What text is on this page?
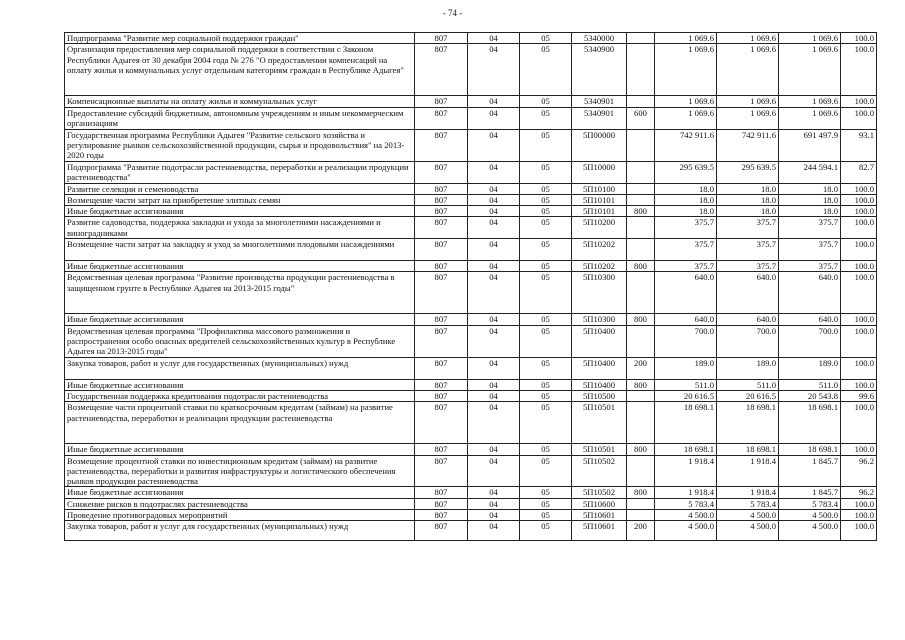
- 74 -
Подпрограмма "Развитие мер социальной поддержки граждан"	807	04	05	5340000		1 069.6	1 069.6	1 069.6	100.0
Организация предоставления мер социальной поддержки в соответствии с Законом Республики Адыгея от 30 декабря 2004 года № 276 "О предоставлении компенсаций на оплату жилья и коммунальных услуг отдельным категориям граждан в Республике Адыгея"	807	04	05	5340900		1 069.6	1 069.6	1 069.6	100.0
Компенсационные выплаты на оплату жилья и коммунальных услуг	807	04	05	5340901		1 069.6	1 069.6	1 069.6	100.0
Предоставление субсидий бюджетным, автономным учреждениям и иным некоммерческим организациям	807	04	05	5340901	600	1 069.6	1 069.6	1 069.6	100.0
Государственная программа Республики Адыгея "Развитие сельского хозяйства и регулирование рынков сельскохозяйственной продукции, сырья и продовольствия" на 2013-2020 годы	807	04	05	5П00000		742 911.6	742 911.6	691 497.9	93.1
Подпрограмма "Развитие подотрасли растениеводства, переработки и реализации продукции растениеводства"	807	04	05	5П10000		295 639.5	295 639.5	244 594.1	82.7
Развитие селекции и семеноводства	807	04	05	5П10100		18.0	18.0	18.0	100.0
Возмещение части затрат на приобретение элитных семян	807	04	05	5П10101		18.0	18.0	18.0	100.0
Иные бюджетные ассигнования	807	04	05	5П10101	800	18.0	18.0	18.0	100.0
Развитие садоводства, поддержка закладки и ухода за многолетними насаждениями и виноградниками	807	04	05	5П10200		375.7	375.7	375.7	100.0
Возмещение части затрат на закладку и уход за многолетними плодовыми насаждениями	807	04	05	5П10202		375.7	375.7	375.7	100.0
Иные бюджетные ассигнования	807	04	05	5П10202	800	375.7	375.7	375.7	100.0
Ведомственная целевая программа "Развитие производства продукции растениеводства в защищенном грунте в Республике Адыгея на 2013-2015 годы"	807	04	05	5П10300		640.0	640.0	640.0	100.0
Иные бюджетные ассигнования	807	04	05	5П10300	800	640.0	640.0	640.0	100.0
Ведомственная целевая программа "Профилактика массового размножения и распространения особо опасных вредителей сельскохозяйственных культур в Республике Адыгея на 2013-2015 годы"	807	04	05	5П10400		700.0	700.0	700.0	100.0
Закупка товаров, работ и услуг для государственных (муниципальных) нужд	807	04	05	5П10400	200	189.0	189.0	189.0	100.0
Иные бюджетные ассигнования	807	04	05	5П10400	800	511.0	511.0	511.0	100.0
Государственная поддержка кредитования подотрасли растениеводства	807	04	05	5П10500		20 616.5	20 616.5	20 543.8	99.6
Возмещение части процентной ставки по краткосрочным кредитам (займам) на развитие растениеводства, переработки и реализации продукции растениеводства	807	04	05	5П10501		18 698.1	18 698.1	18 698.1	100.0
Иные бюджетные ассигнования	807	04	05	5П10501	800	18 698.1	18 698.1	18 698.1	100.0
Возмещение процентной ставки по инвестиционным кредитам (займам) на развитие растениеводства, переработки и развития инфраструктуры и логистического обеспечения рынков продукции растениеводства	807	04	05	5П10502		1 918.4	1 918.4	1 845.7	96.2
Иные бюджетные ассигнования	807	04	05	5П10502	800	1 918.4	1 918.4	1 845.7	96.2
Снижение рисков в подотраслях растениеводства	807	04	05	5П10600		5 783.4	5 783.4	5 783.4	100.0
Проведение противоградовых мероприятий	807	04	05	5П10601		4 500.0	4 500.0	4 500.0	100.0
Закупка товаров, работ и услуг для государственных (муниципальных) нужд	807	04	05	5П10601	200	4 500.0	4 500.0	4 500.0	100.0
